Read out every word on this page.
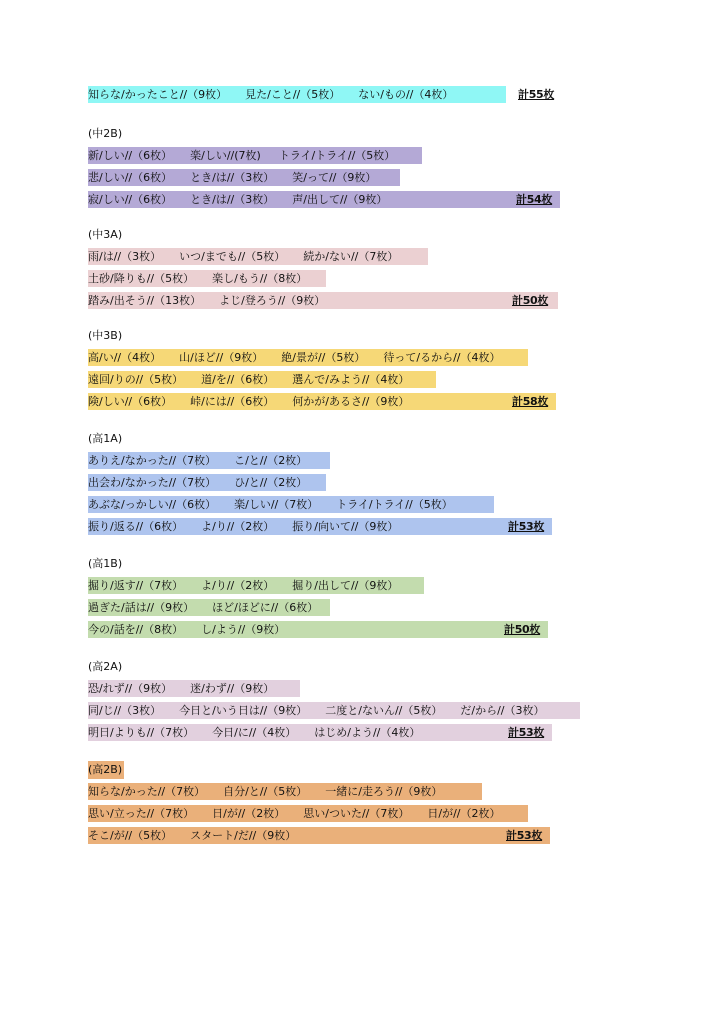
知らな/かったこと//（9枚） 見た/こと//（5枚） ない/もの//（4枚）	計55枚
(中2B)
新/しい//（6枚） 楽/しい//(7枚) トライ/トライ//（5枚）
悲/しい//（6枚） とき/は//（3枚） 笑/って//（9枚）
寂/しい//（6枚） とき/は//（3枚） 声/出して//（9枚）	計54枚
(中3A)
雨/は//（3枚） いつ/までも//（5枚） 続か/ない//（7枚）
土砂/降りも//（5枚） 楽し/もう//（8枚）
踏み/出そう//（13枚） よじ/登ろう//（9枚）	計50枚
(中3B)
高/い//（4枚） 山/ほど//（9枚） 絶/景が//（5枚） 待って/るから//（4枚）
遠回/りの//（5枚） 道/を//（6枚） 選んで/みよう//（4枚）
険/しい//（6枚） 峠/には//（6枚） 何かが/あるさ//（9枚）	計58枚
(高1A)
ありえ/なかった//（7枚） こ/と//（2枚）
出会わ/なかった//（7枚） ひ/と//（2枚）
あぶな/っかしい//（6枚） 楽/しい//（7枚） トライ/トライ//（5枚）
振り/返る//（6枚） よ/り//（2枚） 振り/向いて//（9枚）	計53枚
(高1B)
掘り/返す//（7枚） よ/り//（2枚） 掘り/出して//（9枚）
過ぎた/話は//（9枚） ほど/ほどに//（6枚）
今の/話を//（8枚） し/よう//（9枚）	計50枚
(高2A)
恐/れず//（9枚） 迷/わず//（9枚）
同/じ//（3枚） 今日と/いう日は//（9枚） 二度と/ないん//（5枚） だ/から//（3枚）
明日/よりも//（7枚） 今日/に//（4枚） はじめ/よう//（4枚）	計53枚
(高2B)
知らな/かった//（7枚） 自分/と//（5枚） 一緒に/走ろう//（9枚）
思い/立った//（7枚） 日/が//（2枚） 思い/ついた//（7枚） 日/が//（2枚）
そこ/が//（5枚） スタート/だ//（9枚）	計53枚
